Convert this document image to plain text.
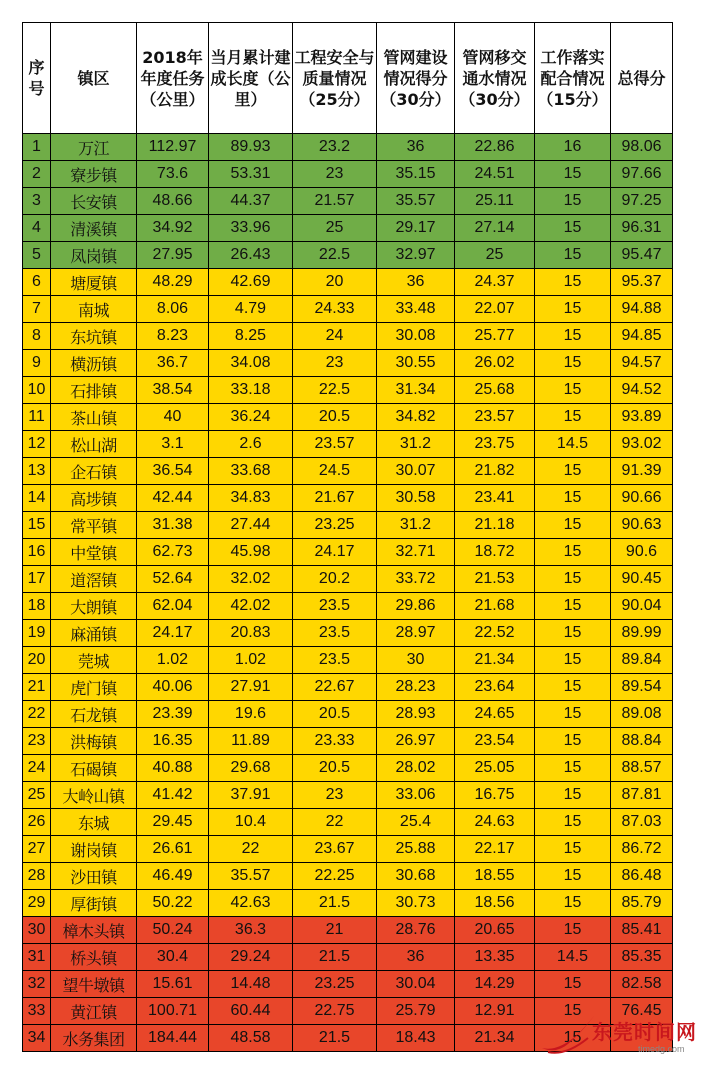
序号	镇区	2018年年度任务（公里）	当月累计建成长度（公里）	工程安全与质量情况（25分）	管网建设情况得分（30分）	管网移交通水情况（30分）	工作落实配合情况（15分）	总得分
1	万江	112.97	89.93	23.2	36	22.86	16	98.06
2	寮步镇	73.6	53.31	23	35.15	24.51	15	97.66
3	长安镇	48.66	44.37	21.57	35.57	25.11	15	97.25
4	清溪镇	34.92	33.96	25	29.17	27.14	15	96.31
5	凤岗镇	27.95	26.43	22.5	32.97	25	15	95.47
6	塘厦镇	48.29	42.69	20	36	24.37	15	95.37
7	南城	8.06	4.79	24.33	33.48	22.07	15	94.88
8	东坑镇	8.23	8.25	24	30.08	25.77	15	94.85
9	横沥镇	36.7	34.08	23	30.55	26.02	15	94.57
10	石排镇	38.54	33.18	22.5	31.34	25.68	15	94.52
11	茶山镇	40	36.24	20.5	34.82	23.57	15	93.89
12	松山湖	3.1	2.6	23.57	31.2	23.75	14.5	93.02
13	企石镇	36.54	33.68	24.5	30.07	21.82	15	91.39
14	高埗镇	42.44	34.83	21.67	30.58	23.41	15	90.66
15	常平镇	31.38	27.44	23.25	31.2	21.18	15	90.63
16	中堂镇	62.73	45.98	24.17	32.71	18.72	15	90.6
17	道滘镇	52.64	32.02	20.2	33.72	21.53	15	90.45
18	大朗镇	62.04	42.02	23.5	29.86	21.68	15	90.04
19	麻涌镇	24.17	20.83	23.5	28.97	22.52	15	89.99
20	莞城	1.02	1.02	23.5	30	21.34	15	89.84
21	虎门镇	40.06	27.91	22.67	28.23	23.64	15	89.54
22	石龙镇	23.39	19.6	20.5	28.93	24.65	15	89.08
23	洪梅镇	16.35	11.89	23.33	26.97	23.54	15	88.84
24	石碣镇	40.88	29.68	20.5	28.02	25.05	15	88.57
25	大岭山镇	41.42	37.91	23	33.06	16.75	15	87.81
26	东城	29.45	10.4	22	25.4	24.63	15	87.03
27	谢岗镇	26.61	22	23.67	25.88	22.17	15	86.72
28	沙田镇	46.49	35.57	22.25	30.68	18.55	15	86.48
29	厚街镇	50.22	42.63	21.5	30.73	18.56	15	85.79
30	樟木头镇	50.24	36.3	21	28.76	20.65	15	85.41
31	桥头镇	30.4	29.24	21.5	36	13.35	14.5	85.35
32	望牛墩镇	15.61	14.48	23.25	30.04	14.29	15	82.58
33	黄江镇	100.71	60.44	22.75	25.79	12.91	15	76.45
34	水务集团	184.44	48.58	21.5	18.43	21.34	15	东莞时间网
timedg.com
